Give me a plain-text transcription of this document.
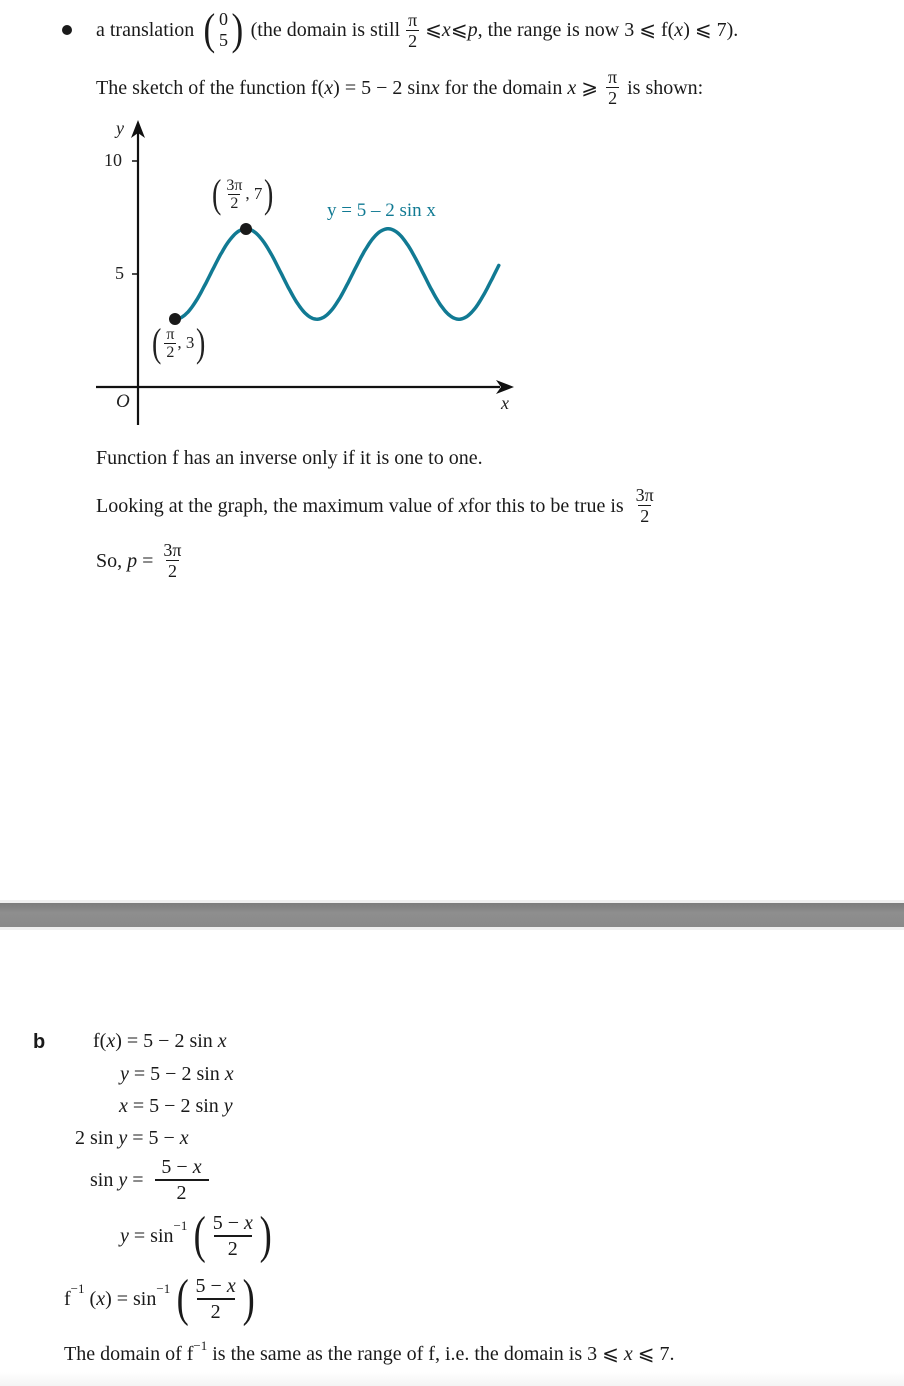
a translation ( 0
5 ) (the domain is still $\frac{\pi}{2}$ ⩽ x ⩽ p , the range is now 3 ⩽ f( x ) ⩽ 7).
The sketch of the function f( x ) = 5 − 2 sin x for the domain x ⩾ $\frac{\pi}{2}$ is shown:
y
10
5
O	x
y = 5 – 2 sin x
( $\frac{3\pi}{2}$ , 7 )
( $\frac{\pi}{2}$ , 3 )
Function f has an inverse only if it is one to one.
Looking at the graph, the maximum value of x for this to be true is $\frac{3\pi}{2}$
So, $p = \frac{3\pi}{2}$
b f(x) = 5 − 2 sin x
y = 5 − 2 sin x
x = 5 − 2 sin y
2 sin y = 5 − x
sin
$y = \frac{5 - x}{2}$
$y = \sin^{-1}$ ( $\frac{5 - x}{2}$ )
$f^{-1}$ ( x ) = $\sin^{-1}$ ( $\frac{5 - x}{2}$ )
The domain of $f^{-1}$ is the same as the range of f, i.e. the domain is 3 ⩽ x ⩽ 7.
